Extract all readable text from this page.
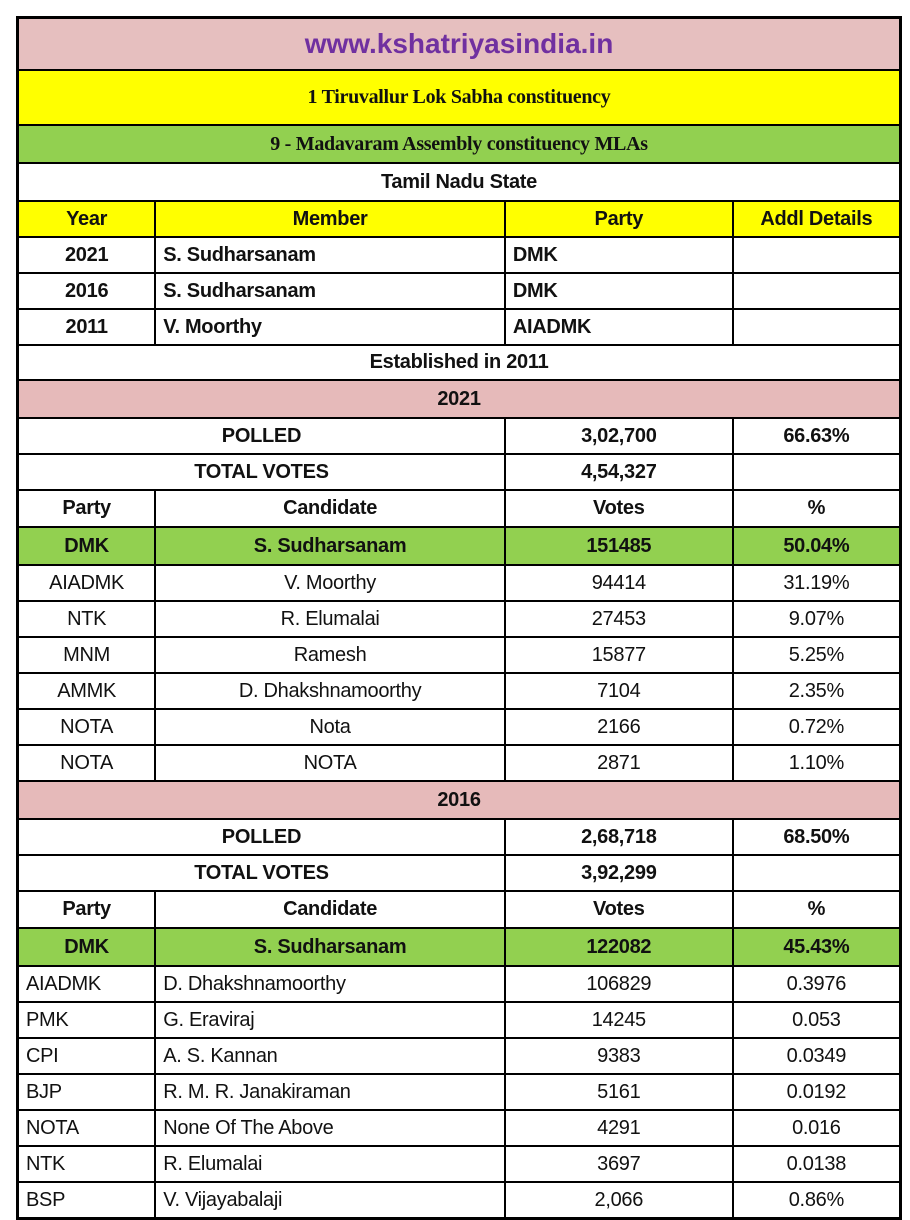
www.kshatriyasindia.in			
1 Tiruvallur Lok Sabha constituency			
9 - Madavaram Assembly constituency MLAs			
Tamil Nadu State			
Year	Member	Party	Addl Details
2021	S. Sudharsanam	DMK	
2016	S. Sudharsanam	DMK	
2011	V. Moorthy	AIADMK	
Established in 2011			
2021			
POLLED		3,02,700	66.63%
TOTAL VOTES		4,54,327	
Party	Candidate	Votes	%
DMK	S. Sudharsanam	151485	50.04%
AIADMK	V. Moorthy	94414	31.19%
NTK	R. Elumalai	27453	9.07%
MNM	Ramesh	15877	5.25%
AMMK	D. Dhakshnamoorthy	7104	2.35%
NOTA	Nota	2166	0.72%
NOTA	NOTA	2871	1.10%
2016			
POLLED		2,68,718	68.50%
TOTAL VOTES		3,92,299	
Party	Candidate	Votes	%
DMK	S. Sudharsanam	122082	45.43%
AIADMK	D. Dhakshnamoorthy	106829	0.3976
PMK	G. Eraviraj	14245	0.053
CPI	A. S. Kannan	9383	0.0349
BJP	R. M. R. Janakiraman	5161	0.0192
NOTA	None Of The Above	4291	0.016
NTK	R. Elumalai	3697	0.0138
BSP	V. Vijayabalaji	2,066	0.86%
